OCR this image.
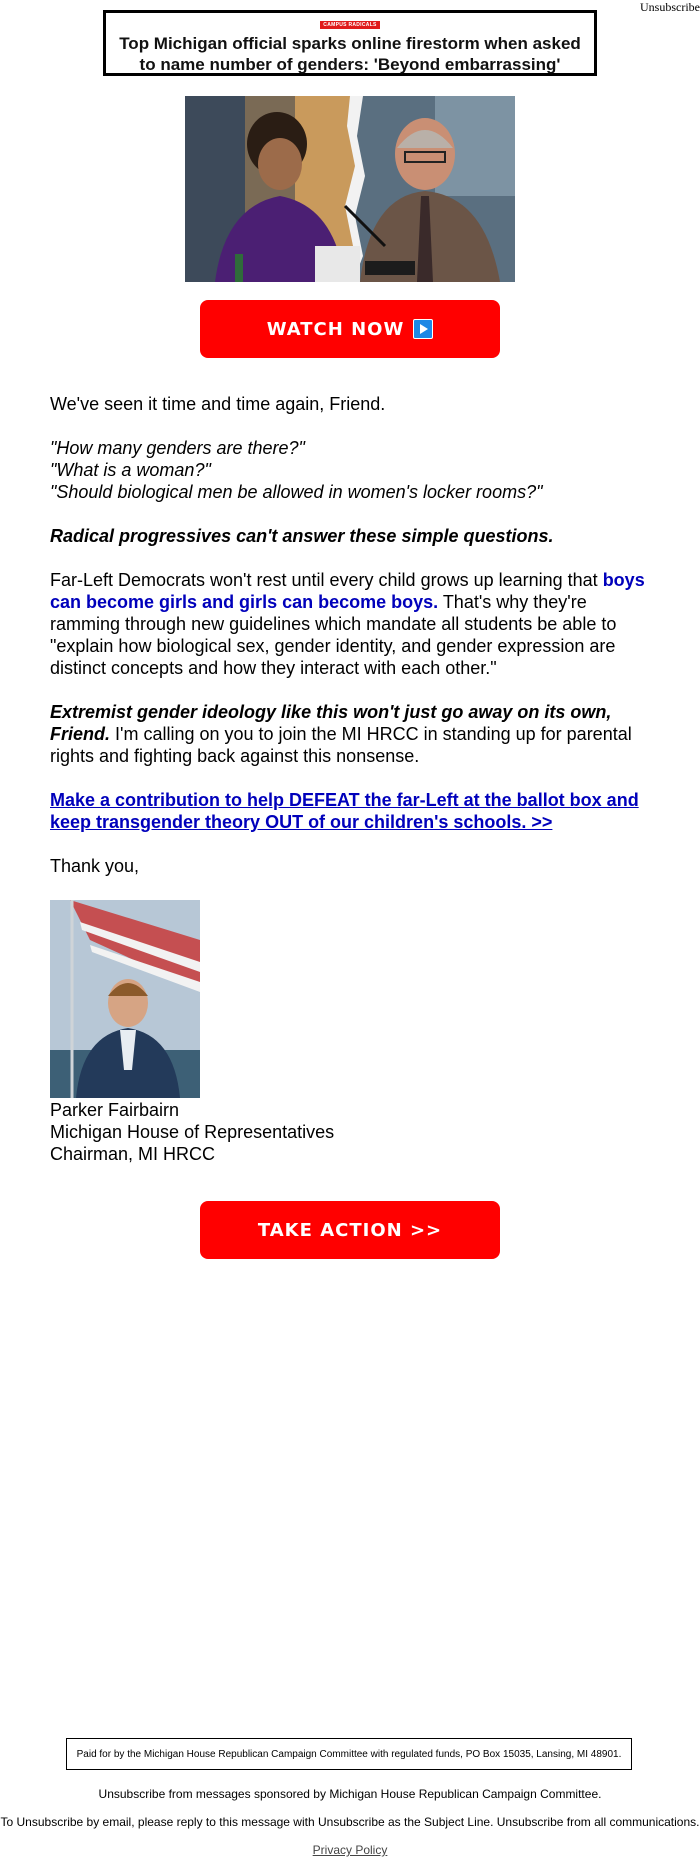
Unsubscribe
CAMPUS RADICALS
Top Michigan official sparks online firestorm when asked to name number of genders: 'Beyond embarrassing'
WATCH NOW

We've seen it time and time again, Friend.

"How many genders are there?"
"What is a woman?"
"Should biological men be allowed in women's locker rooms?"

Radical progressives can't answer these simple questions.

Far-Left Democrats won't rest until every child grows up learning that boys can become girls and girls can become boys. That's why they're ramming through new guidelines which mandate all students be able to "explain how biological sex, gender identity, and gender expression are distinct concepts and how they interact with each other."

Extremist gender ideology like this won't just go away on its own, Friend. I'm calling on you to join the MI HRCC in standing up for parental rights and fighting back against this nonsense.

Make a contribution to help DEFEAT the far-Left at the ballot box and keep transgender theory OUT of our children's schools. >>

Thank you,

Parker Fairbairn
Michigan House of Representatives
Chairman, MI HRCC
TAKE ACTION >>
Paid for by the Michigan House Republican Campaign Committee with regulated funds, PO Box 15035, Lansing, MI 48901.
Unsubscribe from messages sponsored by Michigan House Republican Campaign Committee.
To Unsubscribe by email, please reply to this message with Unsubscribe as the Subject Line. Unsubscribe from all communications.
Privacy Policy
